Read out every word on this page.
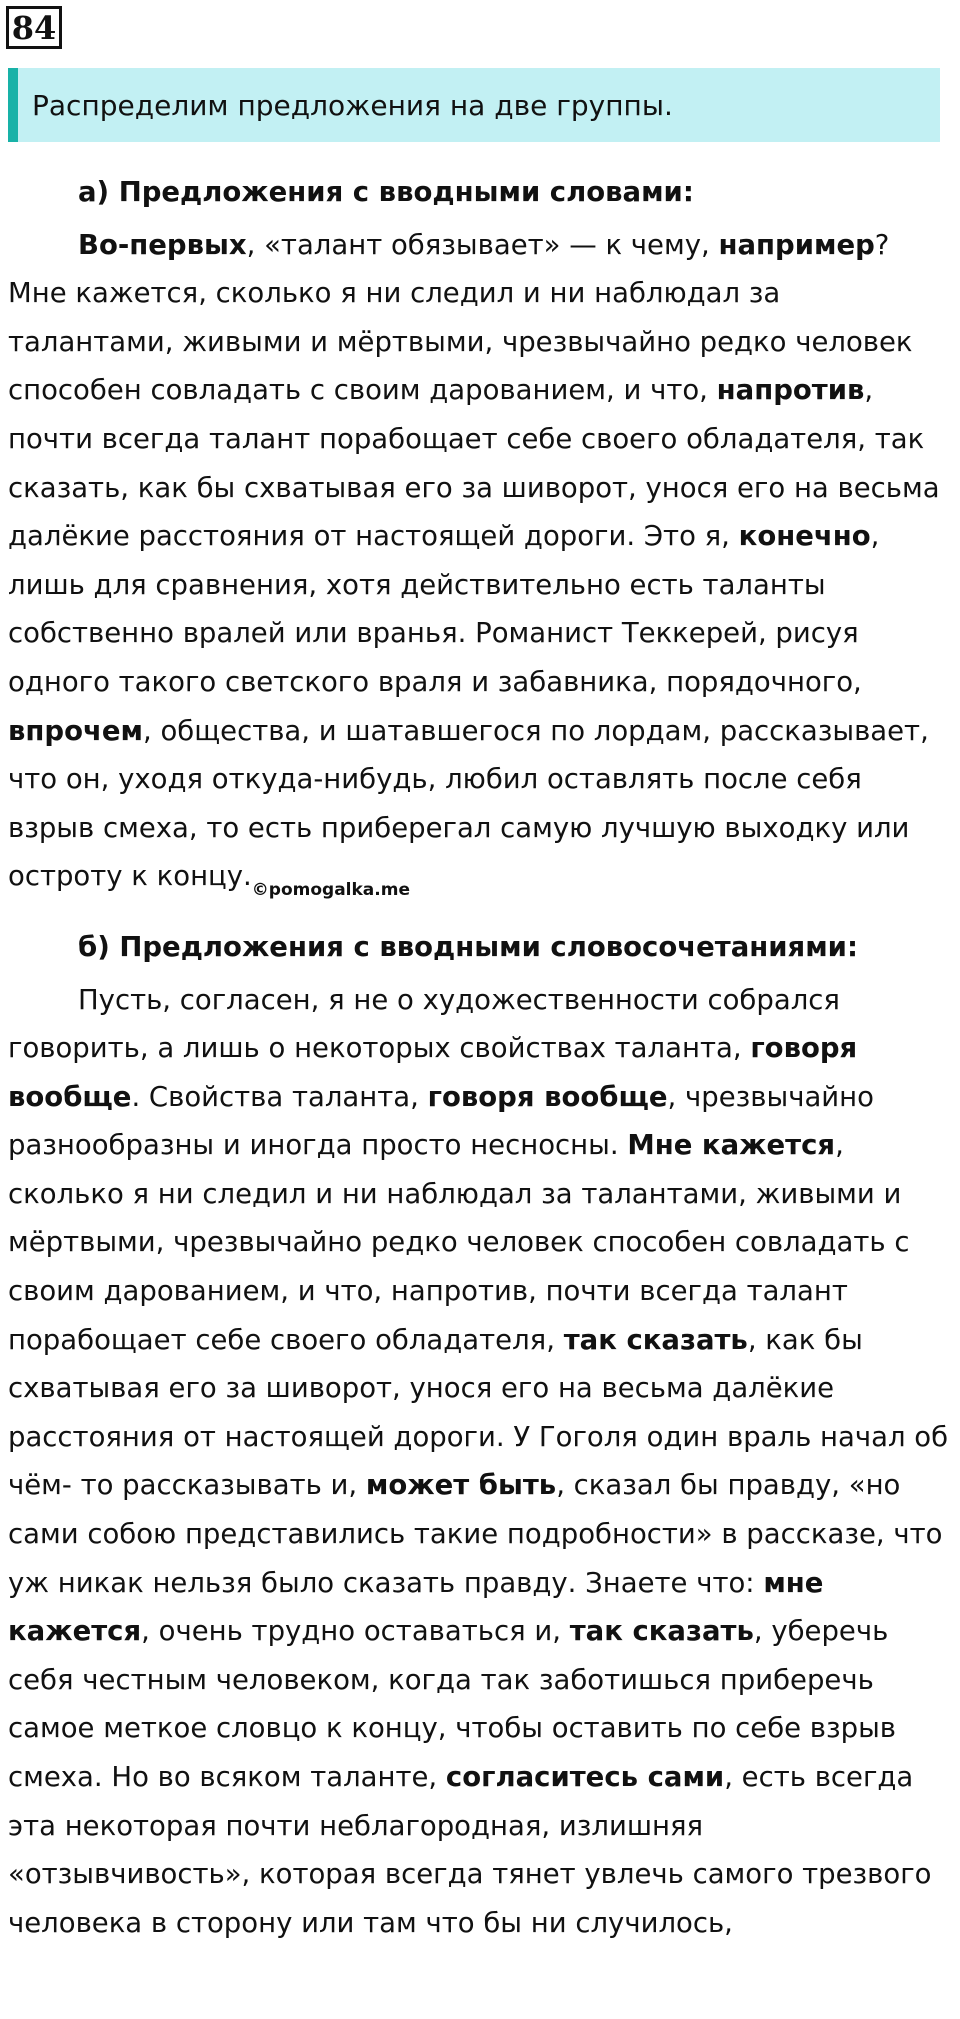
84
Распределим предложения на две группы.

а) Предложения с вводными словами:

Во-первых, «талант обязывает» — к чему, например? Мне кажется, сколько я ни следил и ни наблюдал за талантами, живыми и мёртвыми, чрезвычайно редко человек способен совладать с своим дарованием, и что, напротив, почти всегда талант порабощает себе своего обладателя, так сказать, как бы схватывая его за шиворот, унося его на весьма далёкие расстояния от настоящей дороги. Это я, конечно, лишь для сравнения, хотя действительно есть таланты собственно вралей или вранья. Романист Теккерей, рисуя одного такого светского враля и забавника, порядочного, впрочем, общества, и шатавшегося по лордам, рассказывает, что он, уходя откуда-нибудь, любил оставлять после себя взрыв смеха, то есть приберегал самую лучшую выходку или остроту к $концу._{©pomogalka.me}$

б) Предложения с вводными словосочетаниями:

Пусть, согласен, я не о художественности собрался говорить, а лишь о некоторых свойствах таланта, говоря вообще. Свойства таланта, говоря вообще, чрезвычайно разнообразны и иногда просто несносны. Мне кажется, сколько я ни следил и ни наблюдал за талантами, живыми и мёртвыми, чрезвычайно редко человек способен совладать с своим дарованием, и что, напротив, почти всегда талант порабощает себе своего обладателя, так сказать, как бы схватывая его за шиворот, унося его на весьма далёкие расстояния от настоящей дороги. У Гоголя один враль начал об чём- то рассказывать и, может быть, сказал бы правду, «но сами собою представились такие подробности» в рассказе, что уж никак нельзя было сказать правду. Знаете что: мне кажется, очень трудно оставаться и, так сказать, уберечь себя честным человеком, когда так заботишься приберечь самое меткое словцо к концу, чтобы оставить по себе взрыв смеха. Но во всяком таланте, согласитесь сами, есть всегда эта некоторая почти неблагородная, излишняя «отзывчивость», которая всегда тянет увлечь самого трезвого человека в сторону или там что бы ни случилось,
